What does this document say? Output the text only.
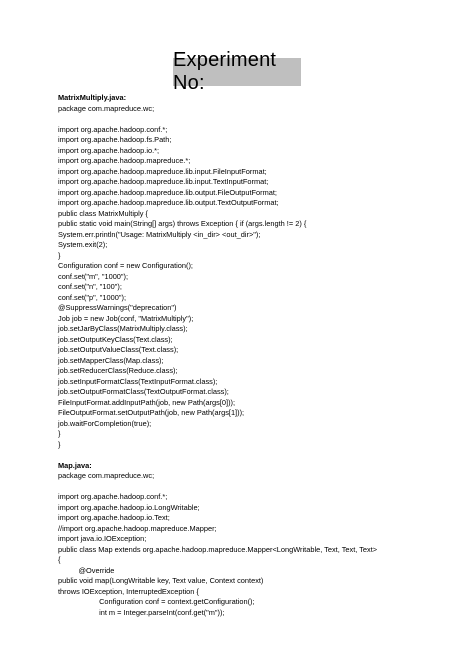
Experiment No:
MatrixMultiply.java:
package com.mapreduce.wc;
import org.apache.hadoop.conf.*;
import org.apache.hadoop.fs.Path;
import org.apache.hadoop.io.*;
import org.apache.hadoop.mapreduce.*;
import org.apache.hadoop.mapreduce.lib.input.FileInputFormat;
import org.apache.hadoop.mapreduce.lib.input.TextInputFormat;
import org.apache.hadoop.mapreduce.lib.output.FileOutputFormat;
import org.apache.hadoop.mapreduce.lib.output.TextOutputFormat;
public class MatrixMultiply {
public static void main(String[] args) throws Exception { if (args.length != 2) {
System.err.println("Usage: MatrixMultiply <in_dir> <out_dir>");
System.exit(2);
}
Configuration conf = new Configuration();
conf.set("m", "1000");
conf.set("n", "100");
conf.set("p", "1000");
@SuppressWarnings("deprecation")
Job job = new Job(conf, "MatrixMultiply");
job.setJarByClass(MatrixMultiply.class);
job.setOutputKeyClass(Text.class);
job.setOutputValueClass(Text.class);
job.setMapperClass(Map.class);
job.setReducerClass(Reduce.class);
job.setInputFormatClass(TextInputFormat.class);
job.setOutputFormatClass(TextOutputFormat.class);
FileInputFormat.addInputPath(job, new Path(args[0]));
FileOutputFormat.setOutputPath(job, new Path(args[1]));
job.waitForCompletion(true);
}
}
Map.java:
package com.mapreduce.wc;
import org.apache.hadoop.conf.*;
import org.apache.hadoop.io.LongWritable;
import org.apache.hadoop.io.Text;
//import org.apache.hadoop.mapreduce.Mapper;
import java.io.IOException;
public class Map extends org.apache.hadoop.mapreduce.Mapper<LongWritable, Text, Text, Text>
{
@Override
public void map(LongWritable key, Text value, Context context)
throws IOException, InterruptedException {
Configuration conf = context.getConfiguration();
int m = Integer.parseInt(conf.get("m"));
